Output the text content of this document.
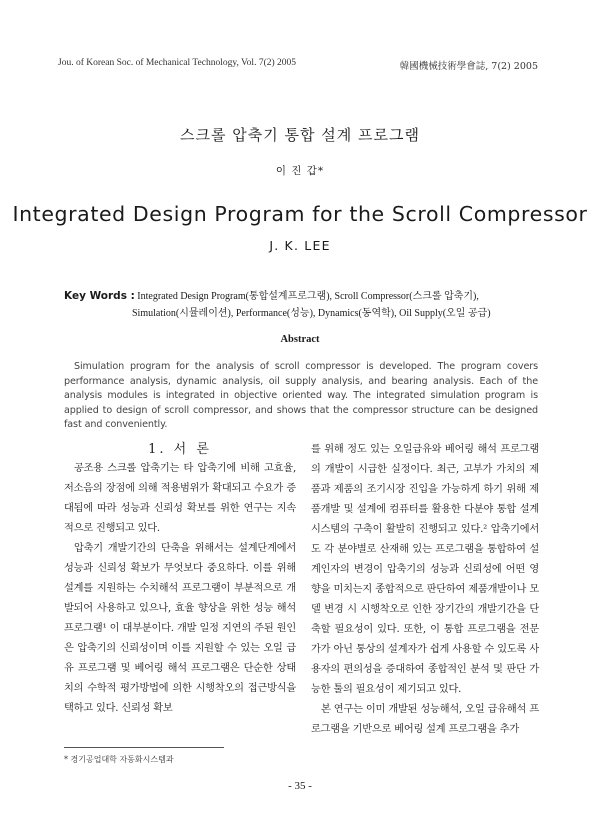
Jou. of Korean Soc. of Mechanical Technology, Vol. 7(2) 2005	韓國機械技術學會誌, 7(2) 2005
스크롤 압축기 통합 설계 프로그램
이 진 갑*
Integrated Design Program for the Scroll Compressor
J. K. LEE
Key Words : Integrated Design Program(통합설계프로그램), Scroll Compressor(스크롤 압축기),
Simulation(시뮬레이션), Performance(성능), Dynamics(동역학), Oil Supply(오일 공급)
Abstract
Simulation program for the analysis of scroll compressor is developed. The program covers performance analysis, dynamic analysis, oil supply analysis, and bearing analysis. Each of the analysis modules is integrated in objective oriented way. The integrated simulation program is applied to design of scroll compressor, and shows that the compressor structure can be designed fast and conveniently.
1. 서 론

공조용 스크롤 압축기는 타 압축기에 비해 고효율, 저소음의 장점에 의해 적용범위가 확대되고 수요가 증대됨에 따라 성능과 신뢰성 확보를 위한 연구는 지속적으로 진행되고 있다.

압축기 개발기간의 단축을 위해서는 설계단계에서 성능과 신뢰성 확보가 무엇보다 중요하다. 이를 위해 설계를 지원하는 수치해석 프로그램이 부분적으로 개발되어 사용하고 있으나, 효율 향상을 위한 성능 해석 프로그램¹ 이 대부분이다. 개발 일정 지연의 주된 원인은 압축기의 신뢰성이며 이를 지원할 수 있는 오일 급유 프로그램 및 베어링 해석 프로그램은 단순한 상태치의 수학적 평가방법에 의한 시행착오의 접근방식을 택하고 있다. 신뢰성 확보

를 위해 정도 있는 오일급유와 베어링 해석 프로그램의 개발이 시급한 실정이다. 최근, 고부가 가치의 제품과 제품의 조기시장 진입을 가능하게 하기 위해 제품개발 및 설계에 컴퓨터를 활용한 다분야 통합 설계 시스템의 구축이 활발히 진행되고 있다.² 압축기에서도 각 분야별로 산재해 있는 프로그램을 통합하여 설계인자의 변경이 압축기의 성능과 신뢰성에 어떤 영향을 미치는지 종합적으로 판단하여 제품개발이나 모델 변경 시 시행착오로 인한 장기간의 개발기간을 단축할 필요성이 있다. 또한, 이 통합 프로그램을 전문가가 아닌 통상의 설계자가 쉽게 사용할 수 있도록 사용자의 편의성을 증대하여 종합적인 분석 및 판단 가능한 툴의 필요성이 제기되고 있다.

본 연구는 이미 개발된 성능해석, 오일 급유해석 프로그램을 기반으로 베어링 설계 프로그램을 추가

* 경기공업대학 자동화시스템과
- 35 -
